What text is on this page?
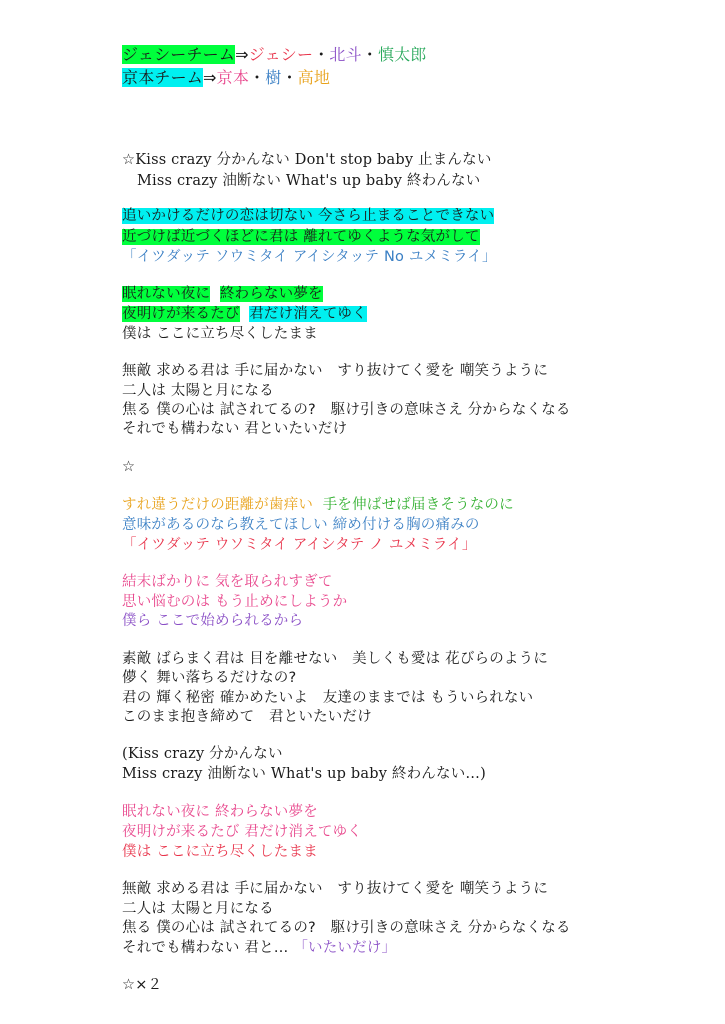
ジェシーチーム⇒ジェシー・北斗・慎太郎
京本チーム⇒京本・樹・高地
☆Kiss crazy 分かんない Don't stop baby 止まんない
Miss crazy 油断ない What's up baby 終わんない
追いかけるだけの恋は切ない 今さら止まることできない
近づけば近づくほどに君は 離れてゆくような気がして
「イツダッテ ソウミタイ アイシタッテ No ユメミライ」
眠れない夜に 終わらない夢を
夜明けが来るたび 君だけ消えてゆく
僕は ここに立ち尽くしたまま
無敵 求める君は 手に届かない　すり抜けてく愛を 嘲笑うように
二人は 太陽と月になる
焦る 僕の心は 試されてるの?　駆け引きの意味さえ 分からなくなる
それでも構わない 君といたいだけ
☆
すれ違うだけの距離が歯痒い 手を伸ばせば届きそうなのに
意味があるのなら教えてほしい 締め付ける胸の痛みの
「イツダッテ ウソミタイ アイシタテ ノ ユメミライ」
結末ばかりに 気を取られすぎて
思い悩むのは もう止めにしようか
僕ら ここで始められるから
素敵 ばらまく君は 目を離せない　美しくも愛は 花びらのように
儚く 舞い落ちるだけなの?
君の 輝く秘密 確かめたいよ　友達のままでは もういられない
このまま抱き締めて　君といたいだけ
(Kiss crazy 分かんない
Miss crazy 油断ない What's up baby 終わんない…)
眠れない夜に 終わらない夢を
夜明けが来るたび 君だけ消えてゆく
僕は ここに立ち尽くしたまま
無敵 求める君は 手に届かない　すり抜けてく愛を 嘲笑うように
二人は 太陽と月になる
焦る 僕の心は 試されてるの?　駆け引きの意味さえ 分からなくなる
それでも構わない 君と… 「いたいだけ」
☆×２
